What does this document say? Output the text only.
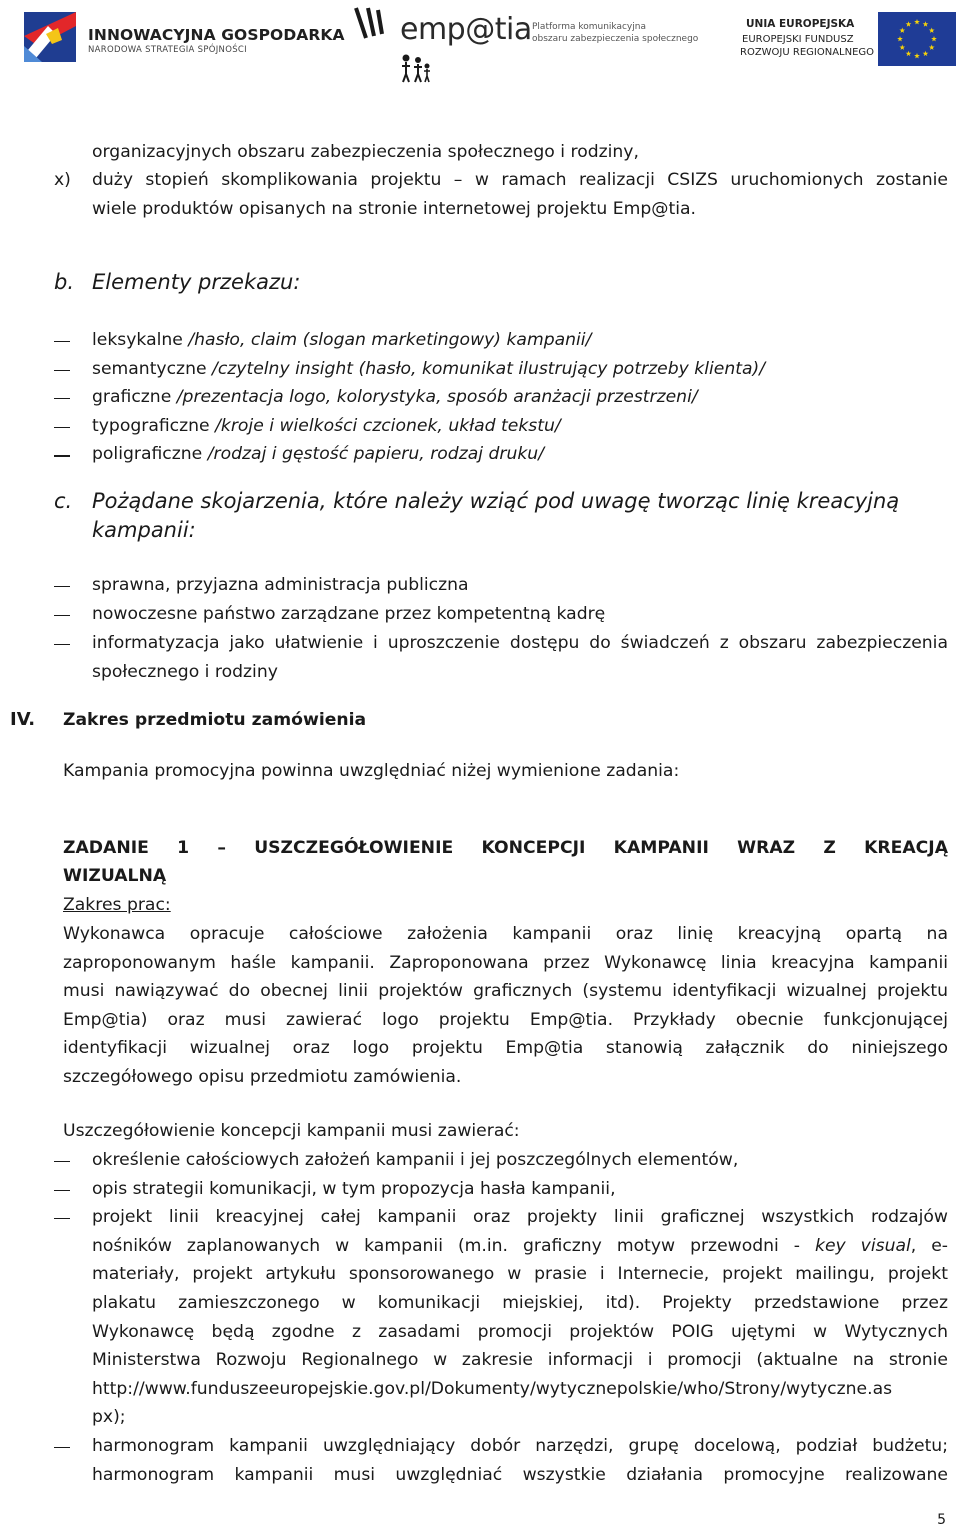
INNOWACYJNA GOSPODARKA
NARODOWA STRATEGIA SPÓJNOŚCI
emp@tia Platforma komunikacyjna
obszaru zabezpieczenia społecznego
UNIA EUROPEJSKA
EUROPEJSKI FUNDUSZ
ROZWOJU REGIONALNEGO
organizacyjnych obszaru zabezpieczenia społecznego i rodziny,
x) duży stopień skomplikowania projektu – w ramach realizacji CSIZS uruchomionych zostanie
wiele produktów opisanych na stronie internetowej projektu Emp@tia.
b. Elementy przekazu:
leksykalne /hasło, claim (slogan marketingowy) kampanii/
semantyczne /czytelny insight (hasło, komunikat ilustrujący potrzeby klienta)/
graficzne /prezentacja logo, kolorystyka, sposób aranżacji przestrzeni/
typograficzne /kroje i wielkości czcionek, układ tekstu/
poligraficzne /rodzaj i gęstość papieru, rodzaj druku/
c. Pożądane skojarzenia, które należy wziąć pod uwagę tworząc linię kreacyjną
kampanii:
sprawna, przyjazna administracja publiczna
nowoczesne państwo zarządzane przez kompetentną kadrę
informatyzacja jako ułatwienie i uproszczenie dostępu do świadczeń z obszaru zabezpieczenia
społecznego i rodziny
IV. Zakres przedmiotu zamówienia
Kampania promocyjna powinna uwzględniać niżej wymienione zadania:
ZADANIE 1 – USZCZEGÓŁOWIENIE KONCEPCJI KAMPANII WRAZ Z KREACJĄ
WIZUALNĄ
Zakres prac:
Wykonawca opracuje całościowe założenia kampanii oraz linię kreacyjną opartą na
zaproponowanym haśle kampanii. Zaproponowana przez Wykonawcę linia kreacyjna kampanii
musi nawiązywać do obecnej linii projektów graficznych (systemu identyfikacji wizualnej projektu
Emp@tia) oraz musi zawierać logo projektu Emp@tia. Przykłady obecnie funkcjonującej
identyfikacji wizualnej oraz logo projektu Emp@tia stanowią załącznik do niniejszego
szczegółowego opisu przedmiotu zamówienia.
Uszczegółowienie koncepcji kampanii musi zawierać:
określenie całościowych założeń kampanii i jej poszczególnych elementów,
opis strategii komunikacji, w tym propozycja hasła kampanii,
projekt linii kreacyjnej całej kampanii oraz projekty linii graficznej wszystkich rodzajów
nośników zaplanowanych w kampanii (m.in. graficzny motyw przewodni - key visual, e-
materiały, projekt artykułu sponsorowanego w prasie i Internecie, projekt mailingu, projekt
plakatu zamieszczonego w komunikacji miejskiej, itd). Projekty przedstawione przez
Wykonawcę będą zgodne z zasadami promocji projektów POIG ujętymi w Wytycznych
Ministerstwa Rozwoju Regionalnego w zakresie informacji i promocji (aktualne na stronie
http://www.funduszeeuropejskie.gov.pl/Dokumenty/wytycznepolskie/who/Strony/wytyczne.as
px);
harmonogram kampanii uwzględniający dobór narzędzi, grupę docelową, podział budżetu;
harmonogram kampanii musi uwzględniać wszystkie działania promocyjne realizowane
5
